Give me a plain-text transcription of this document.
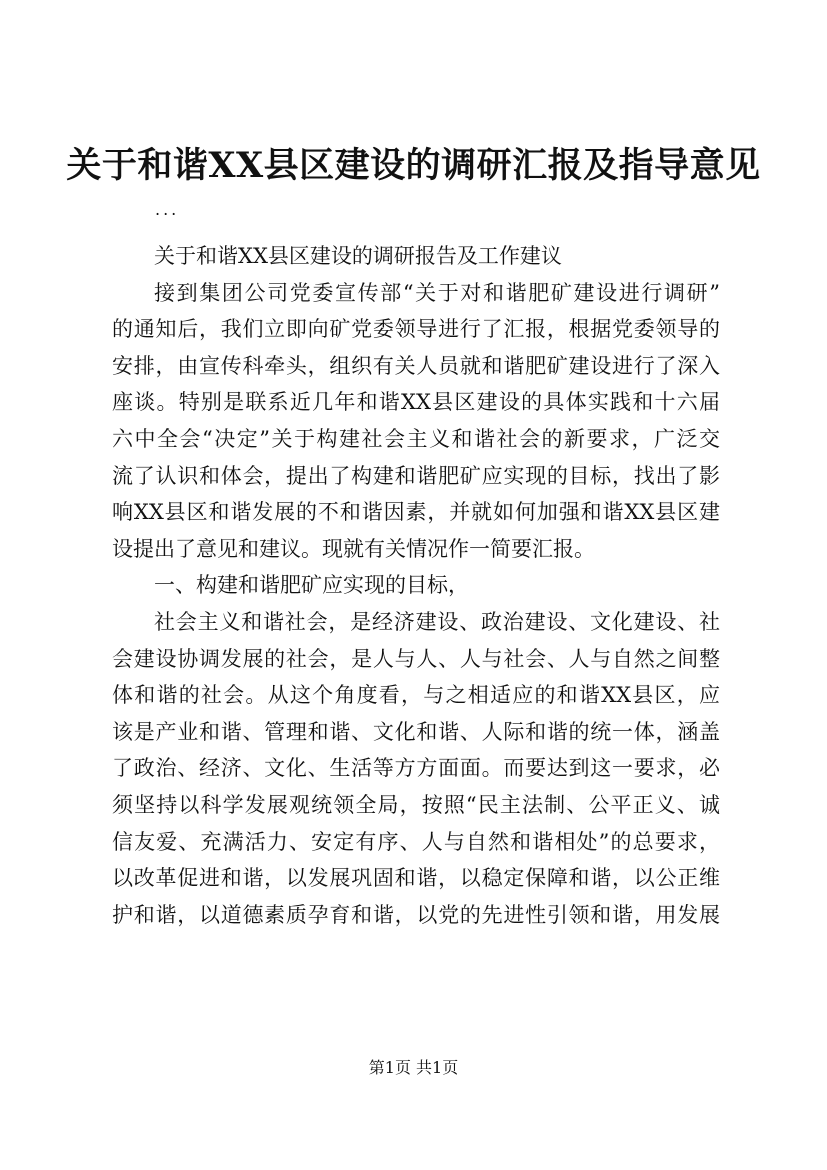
关于和谐XX县区建设的调研汇报及指导意见
...
关于和谐XX县区建设的调研报告及工作建议
接到集团公司党委宣传部“关于对和谐肥矿建设进行调研”
的通知后，我们立即向矿党委领导进行了汇报，根据党委领导的
安排，由宣传科牵头，组织有关人员就和谐肥矿建设进行了深入
座谈。特别是联系近几年和谐XX县区建设的具体实践和十六届
六中全会“决定”关于构建社会主义和谐社会的新要求，广泛交
流了认识和体会，提出了构建和谐肥矿应实现的目标，找出了影
响XX县区和谐发展的不和谐因素，并就如何加强和谐XX县区建
设提出了意见和建议。现就有关情况作一简要汇报。
一、构建和谐肥矿应实现的目标，
社会主义和谐社会，是经济建设、政治建设、文化建设、社
会建设协调发展的社会，是人与人、人与社会、人与自然之间整
体和谐的社会。从这个角度看，与之相适应的和谐XX县区，应
该是产业和谐、管理和谐、文化和谐、人际和谐的统一体，涵盖
了政治、经济、文化、生活等方方面面。而要达到这一要求，必
须坚持以科学发展观统领全局，按照“民主法制、公平正义、诚
信友爱、充满活力、安定有序、人与自然和谐相处”的总要求，
以改革促进和谐，以发展巩固和谐，以稳定保障和谐，以公正维
护和谐，以道德素质孕育和谐，以党的先进性引领和谐，用发展
第1页 共1页
